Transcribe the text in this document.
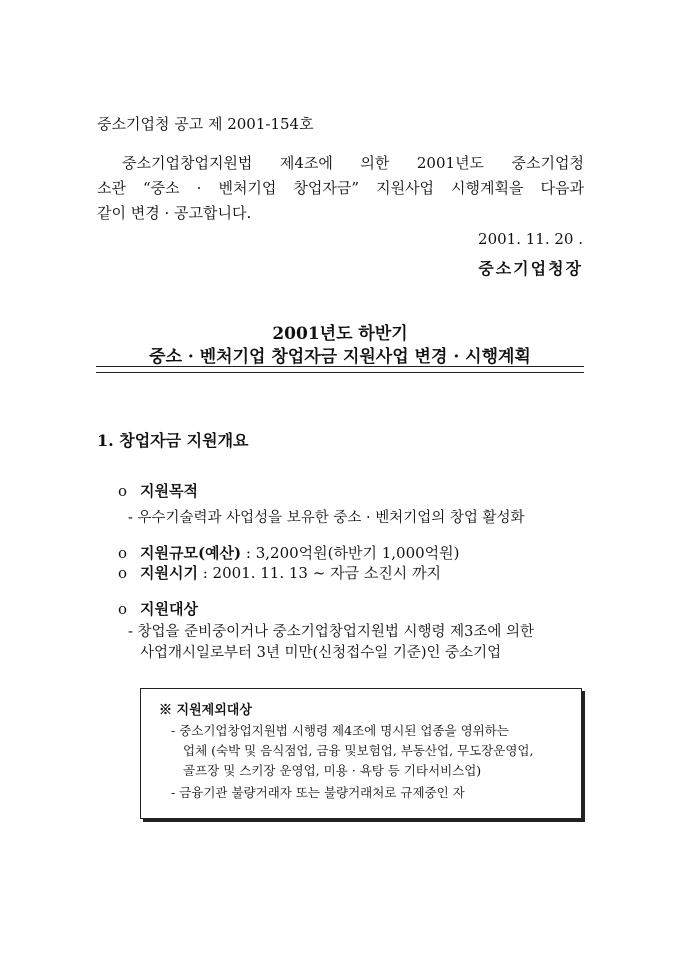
중소기업청 공고 제 2001-154호
중소기업창업지원법 제4조에 의한 2001년도 중소기업청
소관 “중소 · 벤처기업 창업자금” 지원사업 시행계획을 다음과
같이 변경 · 공고합니다.
2001. 11. 20 .
중소기업청장
2001년도 하반기
중소 · 벤처기업 창업자금 지원사업 변경 · 시행계획
1. 창업자금 지원개요
o 지원목적
- 우수기술력과 사업성을 보유한 중소 · 벤처기업의 창업 활성화
o 지원규모(예산) : 3,200억원(하반기 1,000억원)
o 지원시기 : 2001. 11. 13 ~ 자금 소진시 까지
o 지원대상
- 창업을 준비중이거나 중소기업창업지원법 시행령 제3조에 의한
사업개시일로부터 3년 미만(신청접수일 기준)인 중소기업
※ 지원제외대상
- 중소기업창업지원법 시행령 제4조에 명시된 업종을 영위하는
업체 (숙박 및 음식점업, 금융 및보험업, 부동산업, 무도장운영업,
골프장 및 스키장 운영업, 미용 · 욕탕 등 기타서비스업)
- 금융기관 불량거래자 또는 불량거래처로 규제중인 자
